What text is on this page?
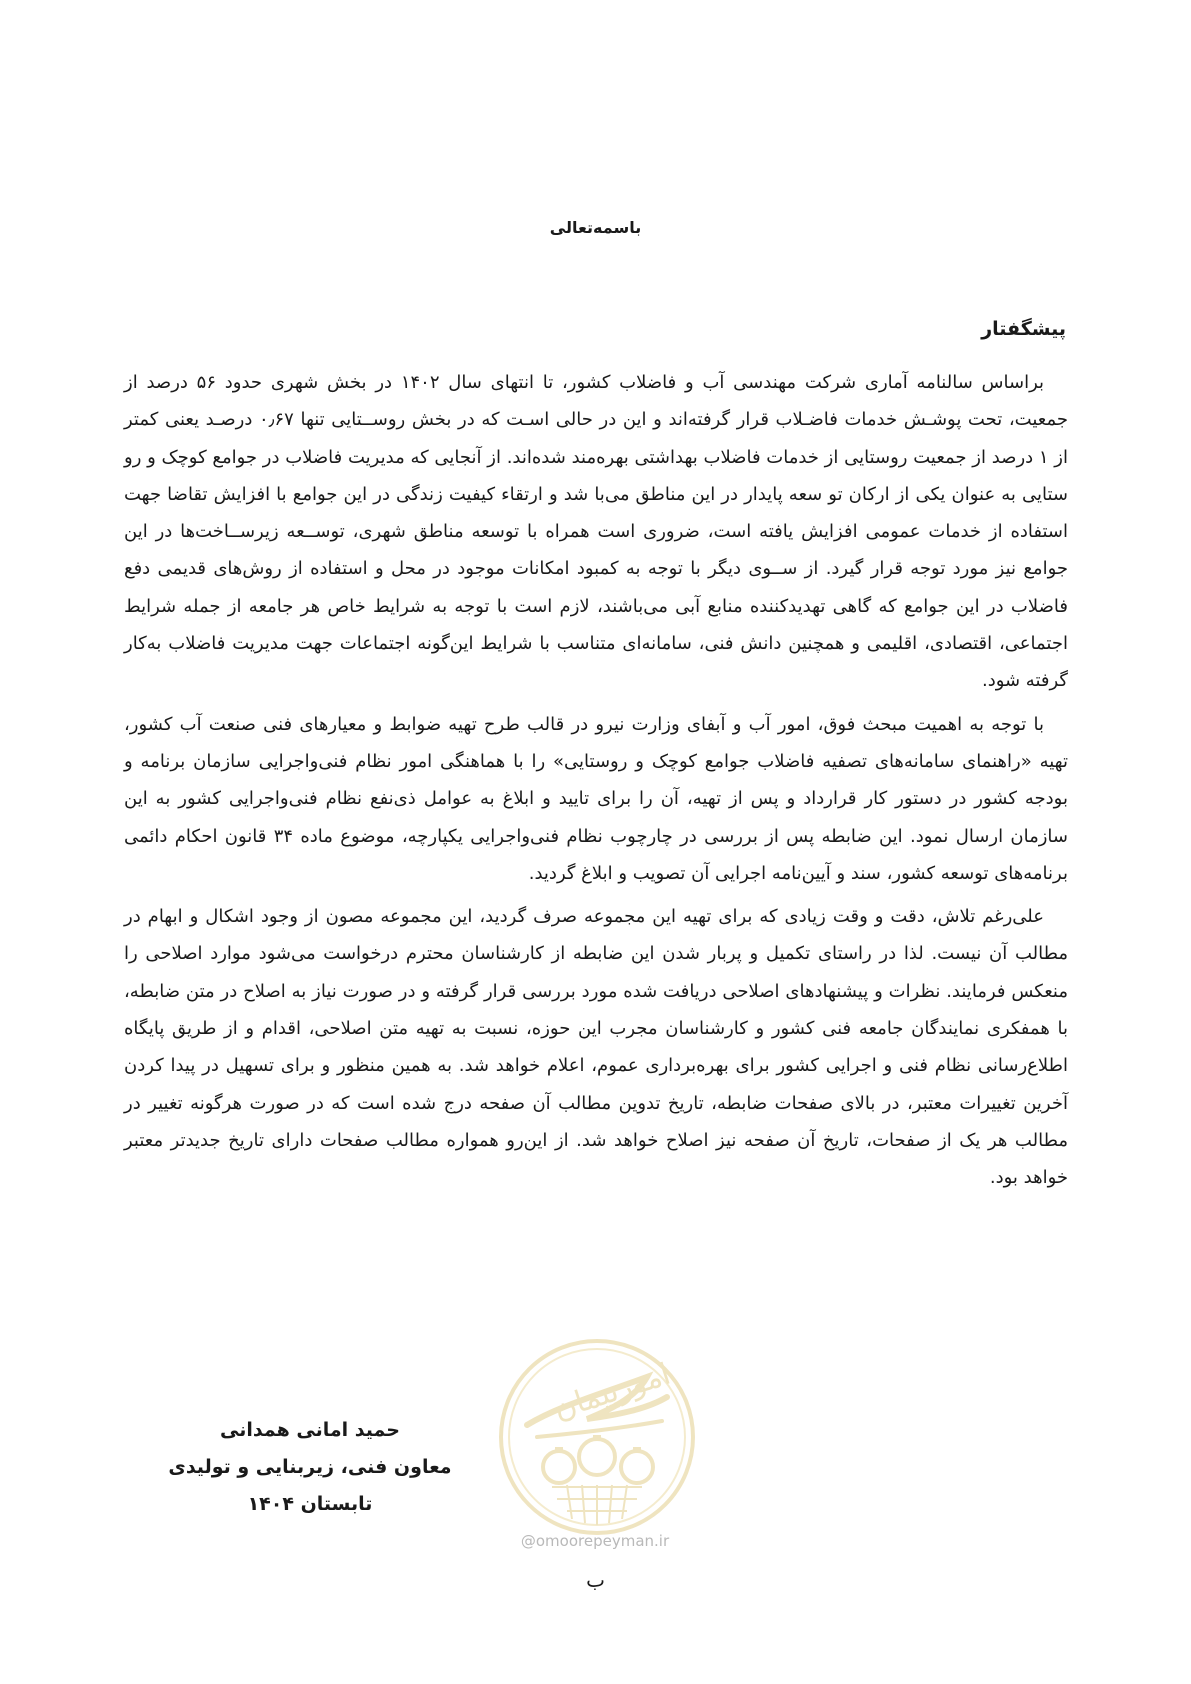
باسمه‌تعالی
پیشگفتار

براساس سالنامه آماری شرکت مهندسی آب و فاضلاب کشور، تا انتهای سال ۱۴۰۲ در بخش شهری حدود ۵۶ درصد از جمعیت، تحت پوشـش خدمات فاضـلاب قرار گرفته‌اند و این در حالی اسـت که در بخش روســتایی تنها ۰٫۶۷ درصـد یعنی کمتر از ۱ درصد از جمعیت روستایی از خدمات فاضلاب بهداشتی بهره‌مند شده‌اند. از آنجایی که مدیریت فاضلاب در جوامع کوچک و رو ستایی به عنوان یکی از ارکان تو سعه پایدار در این مناطق می‌با شد و ارتقاء کیفیت زندگی در این جوامع با افزایش تقاضا جهت استفاده از خدمات عمومی افزایش یافته است، ضروری است همراه با توسعه مناطق شهری، توســعه زیرســاخت‌ها در این جوامع نیز مورد توجه قرار گیرد. از ســوی دیگر با توجه به کمبود امکانات موجود در محل و استفاده از روش‌های قدیمی دفع فاضلاب در این جوامع که گاهی تهدیدکننده منابع آبی می‌باشند، لازم است با توجه به شرایط خاص هر جامعه از جمله شرایط اجتماعی، اقتصادی، اقلیمی و همچنین دانش فنی، سامانه‌ای متناسب با شرایط این‌گونه اجتماعات جهت مدیریت فاضلاب به‌کار گرفته شود.

با توجه به اهمیت مبحث فوق، امور آب و آبفای وزارت نیرو در قالب طرح تهیه ضوابط و معیارهای فنی صنعت آب کشور، تهیه «راهنمای سامانه‌های تصفیه فاضلاب جوامع کوچک و روستایی» را با هماهنگی امور نظام فنی‌واجرایی سازمان برنامه و بودجه کشور در دستور کار قرارداد و پس از تهیه، آن را برای تایید و ابلاغ به عوامل ذی‌نفع نظام فنی‌واجرایی کشور به این سازمان ارسال نمود. این ضابطه پس از بررسی در چارچوب نظام فنی‌واجرایی یکپارچه، موضوع ماده ۳۴ قانون احکام دائمی برنامه‌های توسعه کشور، سند و آیین‌نامه اجرایی آن تصویب و ابلاغ گردید.

علی‌رغم تلاش، دقت و وقت زیادی که برای تهیه این مجموعه صرف گردید، این مجموعه مصون از وجود اشکال و ابهام در مطالب آن نیست. لذا در راستای تکمیل و پربار شدن این ضابطه از کارشناسان محترم درخواست می‌شود موارد اصلاحی را منعکس فرمایند. نظرات و پیشنهادهای اصلاحی دریافت شده مورد بررسی قرار گرفته و در صورت نیاز به اصلاح در متن ضابطه، با همفکری نمایندگان جامعه فنی کشور و کارشناسان مجرب این حوزه، نسبت به تهیه متن اصلاحی، اقدام و از طریق پایگاه اطلاع‌رسانی نظام فنی و اجرایی کشور برای بهره‌برداری عموم، اعلام خواهد شد. به همین منظور و برای تسهیل در پیدا کردن آخرین تغییرات معتبر، در بالای صفحات ضابطه، تاریخ تدوین مطالب آن صفحه درج شده است که در صورت هرگونه تغییر در مطالب هر یک از صفحات، تاریخ آن صفحه نیز اصلاح خواهد شد. از این‌رو همواره مطالب صفحات دارای تاریخ جدیدتر معتبر خواهد بود.

حمید امانی همدانی
معاون فنی، زیربنایی و تولیدی
تابستان ۱۴۰۴
امورپیمان
@omoorepeyman.ir
ب
